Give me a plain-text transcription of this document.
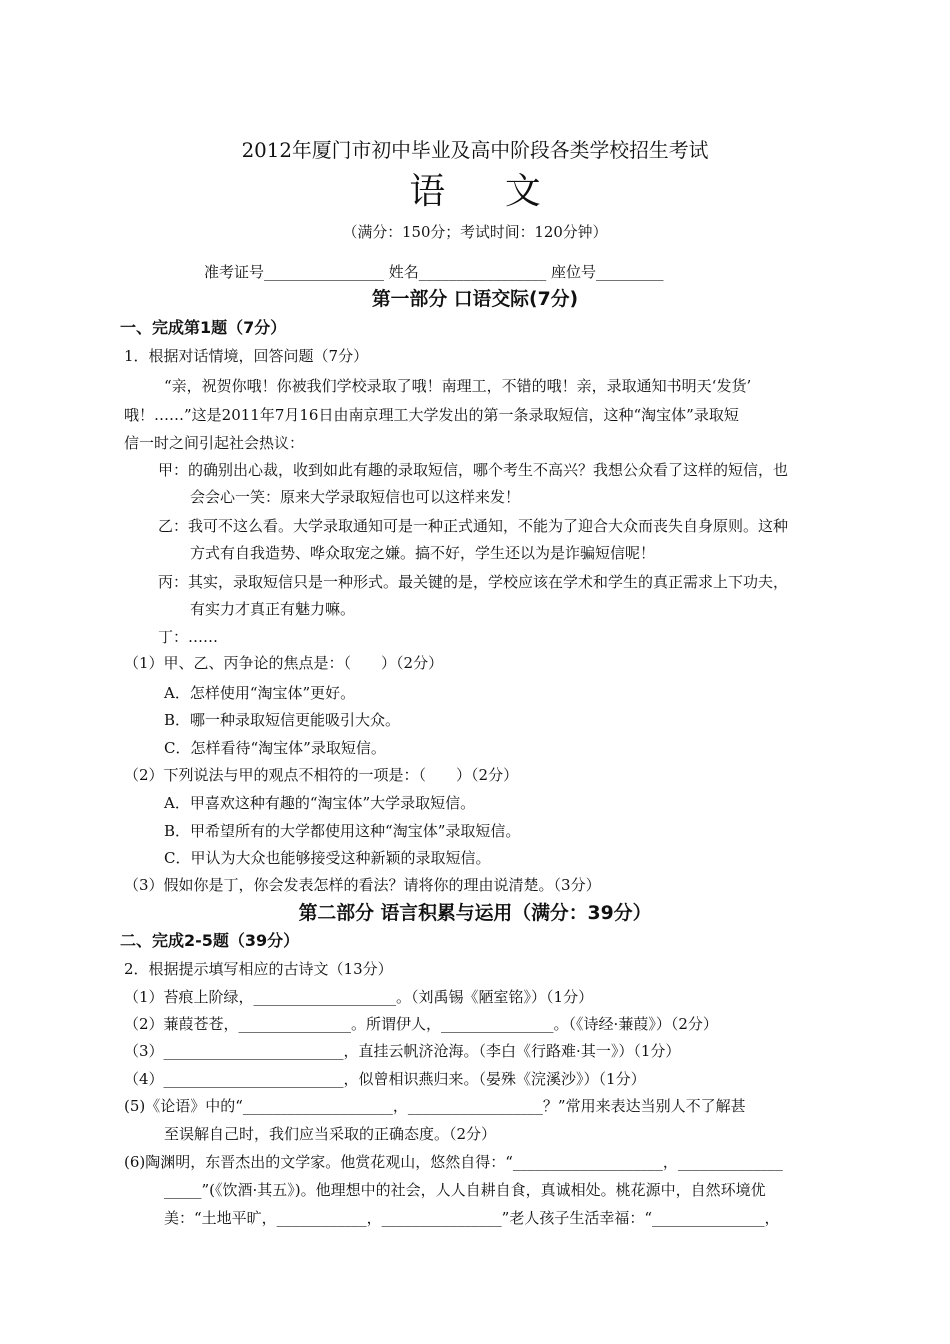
2012年厦门市初中毕业及高中阶段各类学校招生考试
语文
（满分：150分；考试时间：120分钟）
准考证号________________ 姓名_________________ 座位号_________
第一部分 口语交际(7分)
一、完成第1题（7分）
1．根据对话情境，回答问题（7分）
“亲，祝贺你哦！你被我们学校录取了哦！南理工，不错的哦！亲，录取通知书明天‘发货’
哦！……”这是2011年7月16日由南京理工大学发出的第一条录取短信，这种“淘宝体”录取短
信一时之间引起社会热议：
甲：的确别出心裁，收到如此有趣的录取短信，哪个考生不高兴？我想公众看了这样的短信，也
会会心一笑：原来大学录取短信也可以这样来发！
乙：我可不这么看。大学录取通知可是一种正式通知，不能为了迎合大众而丧失自身原则。这种
方式有自我造势、哗众取宠之嫌。搞不好，学生还以为是诈骗短信呢！
丙：其实，录取短信只是一种形式。最关键的是，学校应该在学术和学生的真正需求上下功夫，
有实力才真正有魅力嘛。
丁：……
（1）甲、乙、丙争论的焦点是：（　　）（2分）
A．怎样使用“淘宝体”更好。
B．哪一种录取短信更能吸引大众。
C．怎样看待“淘宝体”录取短信。
（2）下列说法与甲的观点不相符的一项是：（　　）（2分）
A．甲喜欢这种有趣的“淘宝体”大学录取短信。
B．甲希望所有的大学都使用这种“淘宝体”录取短信。
C．甲认为大众也能够接受这种新颖的录取短信。
（3）假如你是丁，你会发表怎样的看法？请将你的理由说清楚。（3分）
第二部分 语言积累与运用（满分：39分）
二、完成2-5题（39分）
2．根据提示填写相应的古诗文（13分）
（1）苔痕上阶绿，___________________。（刘禹锡《陋室铭》）（1分）
（2）蒹葭苍苍，_______________。所谓伊人，_______________。（《诗经·蒹葭》）（2分）
（3）________________________，直挂云帆济沧海。（李白《行路难·其一》）（1分）
（4）________________________，似曾相识燕归来。（晏殊《浣溪沙》）（1分）
(5)《论语》中的“____________________，__________________？”常用来表达当别人不了解甚
至误解自己时，我们应当采取的正确态度。（2分）
(6)陶渊明，东晋杰出的文学家。他赏花观山，悠然自得：“____________________，______________
_____”(《饮酒·其五》)。他理想中的社会，人人自耕自食，真诚相处。桃花源中，自然环境优
美：“土地平旷，____________，________________”老人孩子生活幸福：“_______________，
